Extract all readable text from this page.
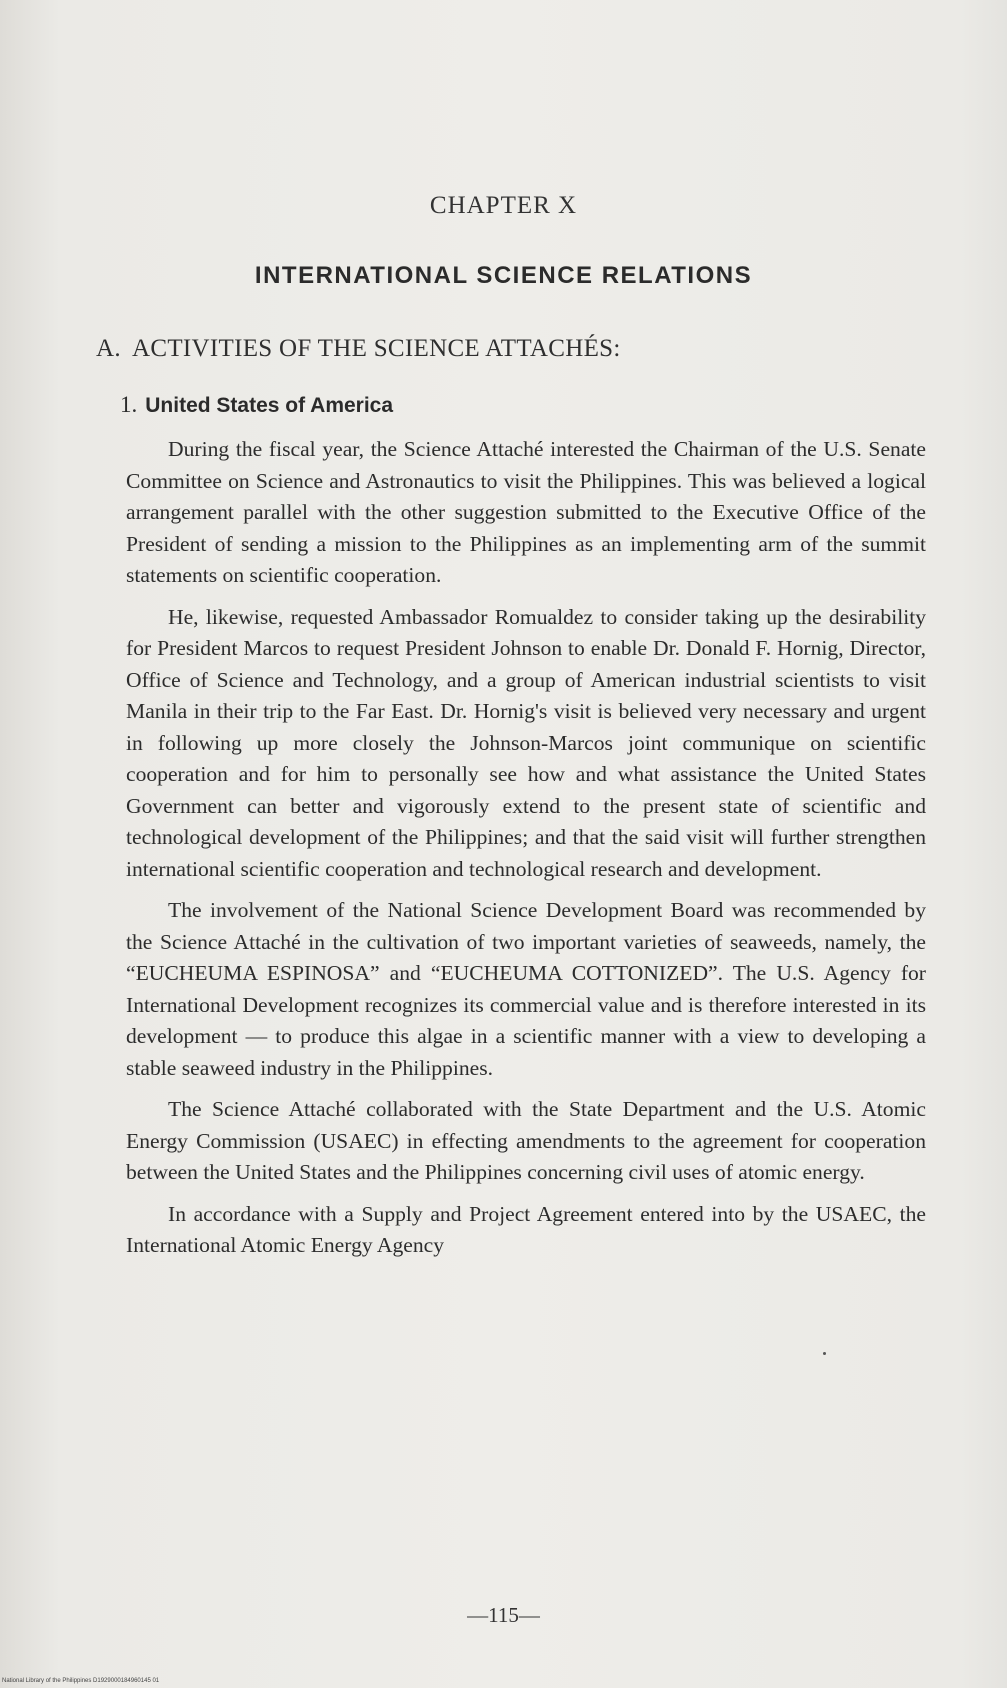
CHAPTER X
INTERNATIONAL SCIENCE RELATIONS
A. ACTIVITIES OF THE SCIENCE ATTACHÉS:
1. United States of America

During the fiscal year, the Science Attaché interested the Chairman of the U.S. Senate Committee on Science and Astronautics to visit the Philippines. This was believed a logical arrangement parallel with the other suggestion submitted to the Executive Office of the President of sending a mission to the Philippines as an implementing arm of the summit statements on scientific cooperation.

He, likewise, requested Ambassador Romualdez to consider taking up the desirability for President Marcos to request President Johnson to enable Dr. Donald F. Hornig, Director, Office of Science and Technology, and a group of American industrial scientists to visit Manila in their trip to the Far East. Dr. Hornig's visit is believed very necessary and urgent in following up more closely the Johnson-Marcos joint communique on scientific cooperation and for him to personally see how and what assistance the United States Government can better and vigorously extend to the present state of scientific and technological development of the Philippines; and that the said visit will further strengthen international scientific cooperation and technological research and development.

The involvement of the National Science Development Board was recommended by the Science Attaché in the cultivation of two important varieties of seaweeds, namely, the “EUCHEUMA ESPINOSA” and “EUCHEUMA COTTONIZED”. The U.S. Agency for International Development recognizes its commercial value and is therefore interested in its development — to produce this algae in a scientific manner with a view to developing a stable seaweed industry in the Philippines.

The Science Attaché collaborated with the State Department and the U.S. Atomic Energy Commission (USAEC) in effecting amendments to the agreement for cooperation between the United States and the Philippines concerning civil uses of atomic energy.

In accordance with a Supply and Project Agreement entered into by the USAEC, the International Atomic Energy Agency

—115—
National Library of the Philippines D1929000184960145 01
